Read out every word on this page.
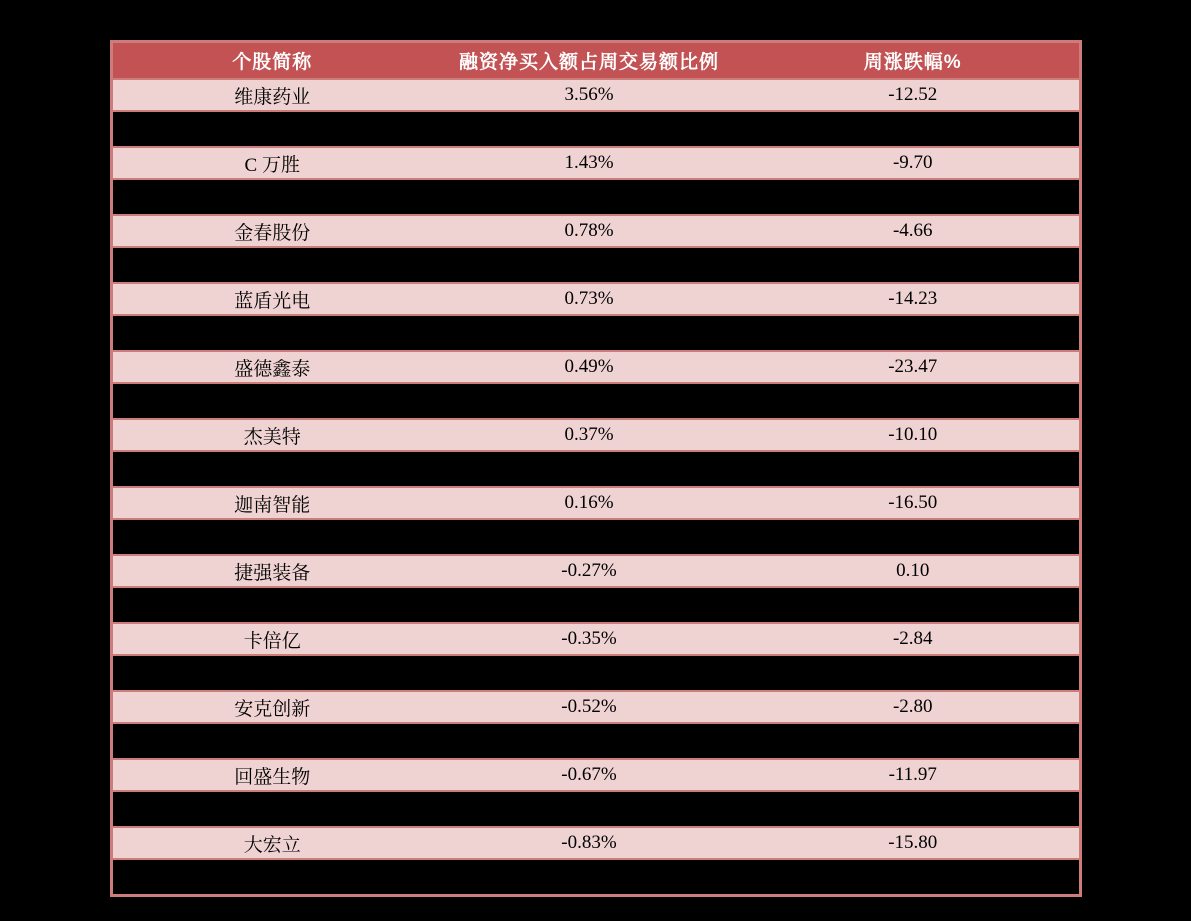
个股简称	融资净买入额占周交易额比例	周涨跌幅%
维康药业	3.56%	-12.52

C 万胜	1.43%	-9.70

金春股份	0.78%	-4.66

蓝盾光电	0.73%	-14.23

盛德鑫泰	0.49%	-23.47

杰美特	0.37%	-10.10

迦南智能	0.16%	-16.50

捷强装备	-0.27%	0.10

卡倍亿	-0.35%	-2.84

安克创新	-0.52%	-2.80

回盛生物	-0.67%	-11.97

大宏立	-0.83%	-15.80
